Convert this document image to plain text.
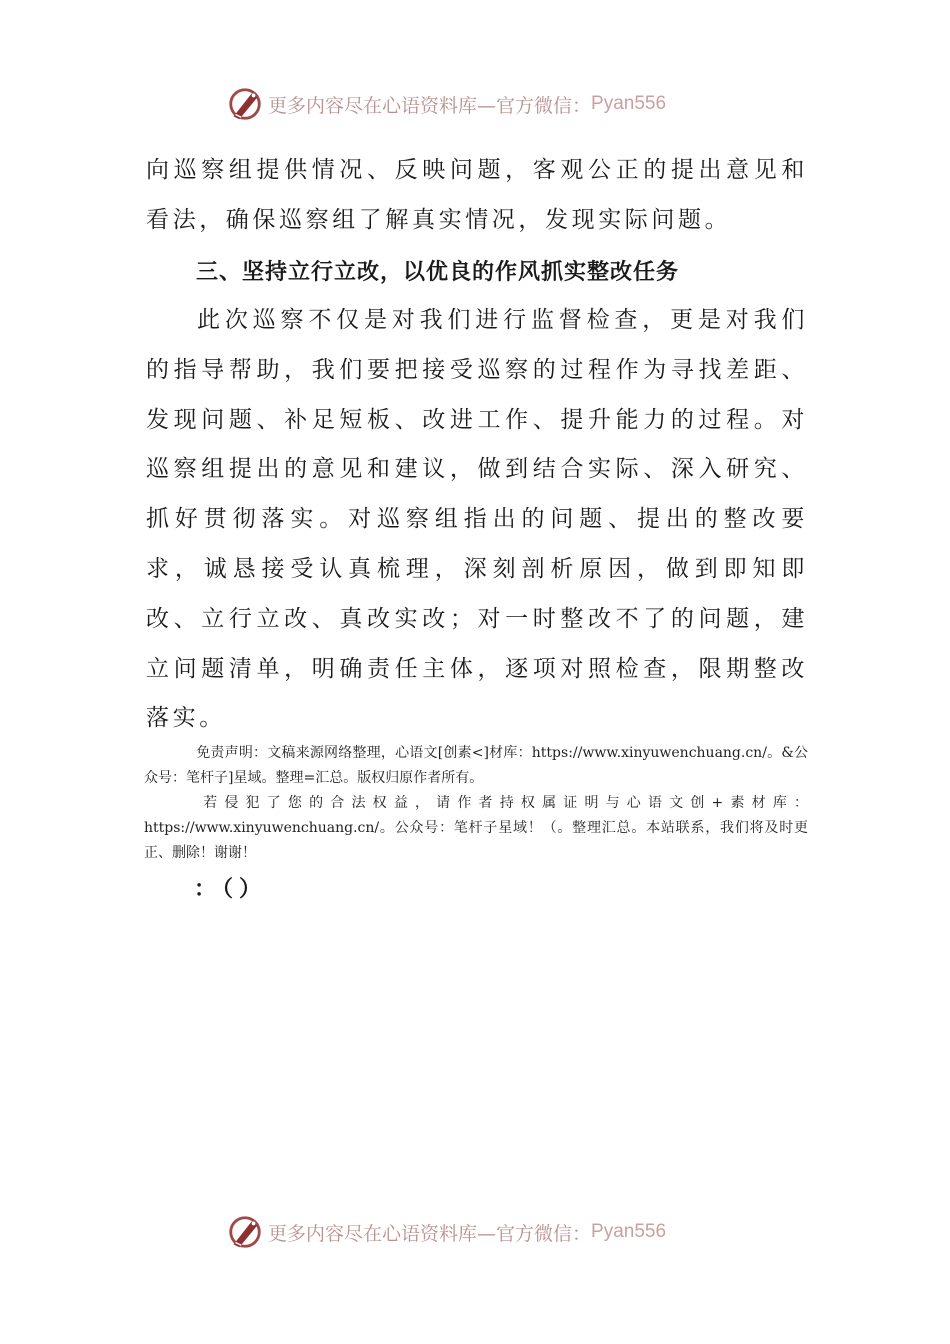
更多内容尽在心语资料库—官方微信： Pyan556

向巡察组提供情况、反映问题，客观公正的提出意见和看法，确保巡察组了解真实情况，发现实际问题。

三、坚持立行立改，以优良的作风抓实整改任务

此次巡察不仅是对我们进行监督检查，更是对我们的指导帮助，我们要把接受巡察的过程作为寻找差距、发现问题、补足短板、改进工作、提升能力的过程。对巡察组提出的意见和建议，做到结合实际、深入研究、抓好贯彻落实。对巡察组指出的问题、提出的整改要求，诚恳接受认真梳理，深刻剖析原因，做到即知即改、立行立改、真改实改；对一时整改不了的问题，建立问题清单，明确责任主体，逐项对照检查，限期整改落实。

免责声明：文稿来源网络整理，心语文[创素<]材库：https://www.xinyuwenchuang.cn/。&公众号：笔杆子]星域。整理=汇总。版权归原作者所有。

若侵犯了您的合法权益，请作者持权属证明与心语文创+素材库：https://www.xinyuwenchuang.cn/。公众号：笔杆子星域！（。整理汇总。本站联系，我们将及时更正、删除！谢谢！

：（）

更多内容尽在心语资料库—官方微信： Pyan556
